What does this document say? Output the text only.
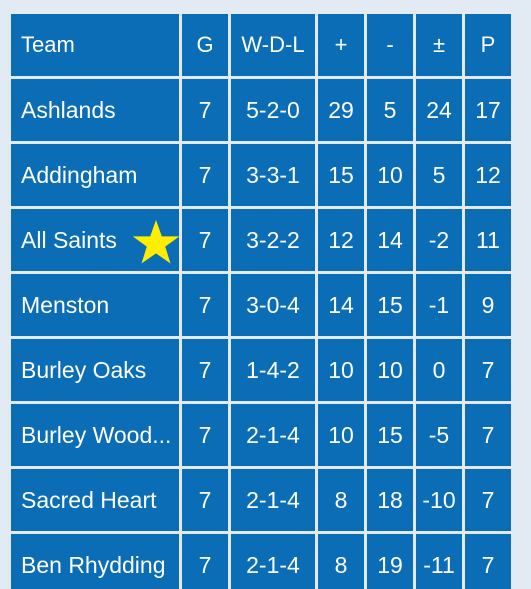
Team	G	W-D-L	+	-	±	P
Ashlands	7	5-2-0	29	5	24	17
Addingham	7	3-3-1	15	10	5	12
All Saints	7	3-2-2	12	14	-2	11
Menston	7	3-0-4	14	15	-1	9
Burley Oaks	7	1-4-2	10	10	0	7
Burley Wood...	7	2-1-4	10	15	-5	7
Sacred Heart	7	2-1-4	8	18	-10	7
Ben Rhydding	7	2-1-4	8	19	-11	7
